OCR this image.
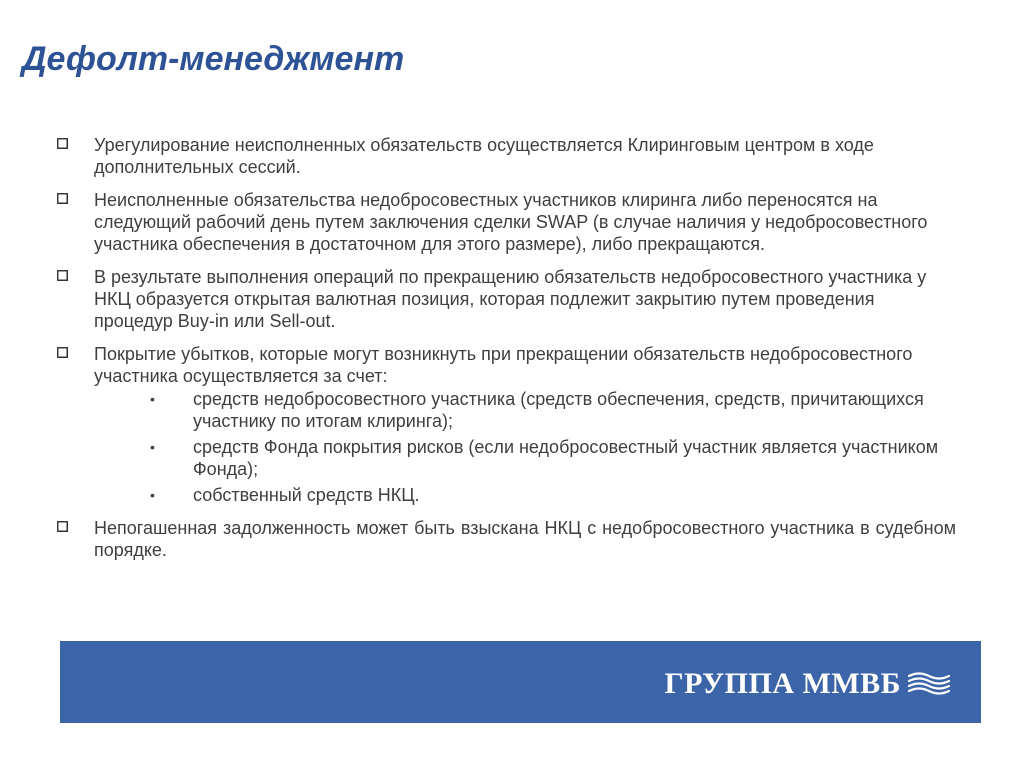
Дефолт-менеджмент
Урегулирование неисполненных обязательств осуществляется Клиринговым центром в ходе дополнительных сессий.
Неисполненные обязательства недобросовестных участников клиринга либо переносятся на следующий рабочий день путем заключения сделки SWAP (в случае наличия у недобросовестного участника обеспечения в достаточном для этого размере), либо прекращаются.
В результате выполнения операций по прекращению обязательств недобросовестного участника у НКЦ образуется открытая валютная позиция, которая подлежит закрытию путем проведения процедур Buy-in или Sell-out.
Покрытие убытков, которые могут возникнуть при прекращении обязательств недобросовестного участника осуществляется за счет:
• средств недобросовестного участника (средств обеспечения, средств, причитающихся участнику по итогам клиринга);
• средств Фонда покрытия рисков (если недобросовестный участник является участником Фонда);
• собственный средств НКЦ.
Непогашенная задолженность может быть взыскана НКЦ с недобросовестного участника в судебном порядке.
ГРУППА ММВБ
